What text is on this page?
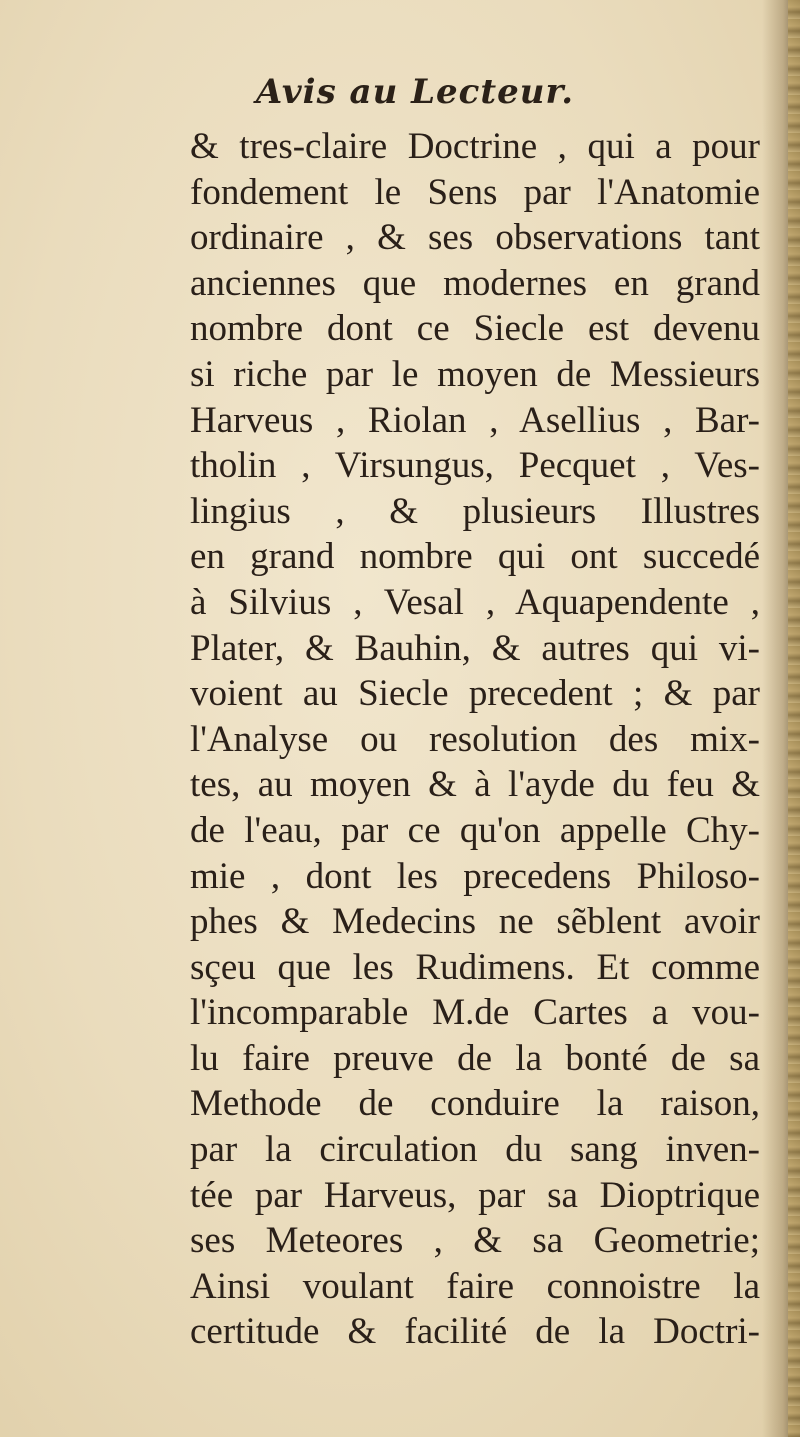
Avis au Lecteur.
& tres-claire Doctrine , qui a pour
fondement le Sens par l'Anatomie
ordinaire , & ses observations tant
anciennes que modernes en grand
nombre dont ce Siecle est devenu
si riche par le moyen de Messieurs
Harveus , Riolan , Asellius , Bar-
tholin , Virsungus, Pecquet , Ves-
lingius , & plusieurs Illustres
en grand nombre qui ont succedé
à Silvius , Vesal , Aquapendente ,
Plater, & Bauhin, & autres qui vi-
voient au Siecle precedent ; & par
l'Analyse ou resolution des mix-
tes, au moyen & à l'ayde du feu &
de l'eau, par ce qu'on appelle Chy-
mie , dont les precedens Philoso-
phes & Medecins ne sẽblent avoir
sçeu que les Rudimens. Et comme
l'incomparable M.de Cartes a vou-
lu faire preuve de la bonté de sa
Methode de conduire la raison,
par la circulation du sang inven-
tée par Harveus, par sa Dioptrique
ses Meteores , & sa Geometrie;
Ainsi voulant faire connoistre la
certitude & facilité de la Doctri-
